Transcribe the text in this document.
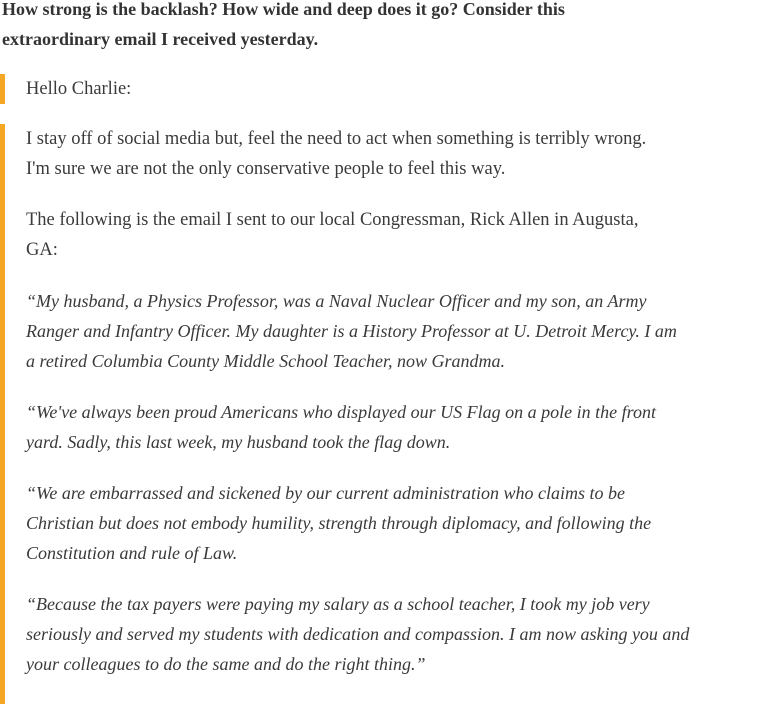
How strong is the backlash? How wide and deep does it go? Consider this
extraordinary email I received yesterday.

Hello Charlie:

I stay off of social media but, feel the need to act when something is terribly wrong.
I'm sure we are not the only conservative people to feel this way.

The following is the email I sent to our local Congressman, Rick Allen in Augusta,
GA:

“My husband, a Physics Professor, was a Naval Nuclear Officer and my son, an Army
Ranger and Infantry Officer. My daughter is a History Professor at U. Detroit Mercy. I am
a retired Columbia County Middle School Teacher, now Grandma.

“We've always been proud Americans who displayed our US Flag on a pole in the front
yard. Sadly, this last week, my husband took the flag down.

“We are embarrassed and sickened by our current administration who claims to be
Christian but does not embody humility, strength through diplomacy, and following the
Constitution and rule of Law.

“Because the tax payers were paying my salary as a school teacher, I took my job very
seriously and served my students with dedication and compassion. I am now asking you and
your colleagues to do the same and do the right thing.”
